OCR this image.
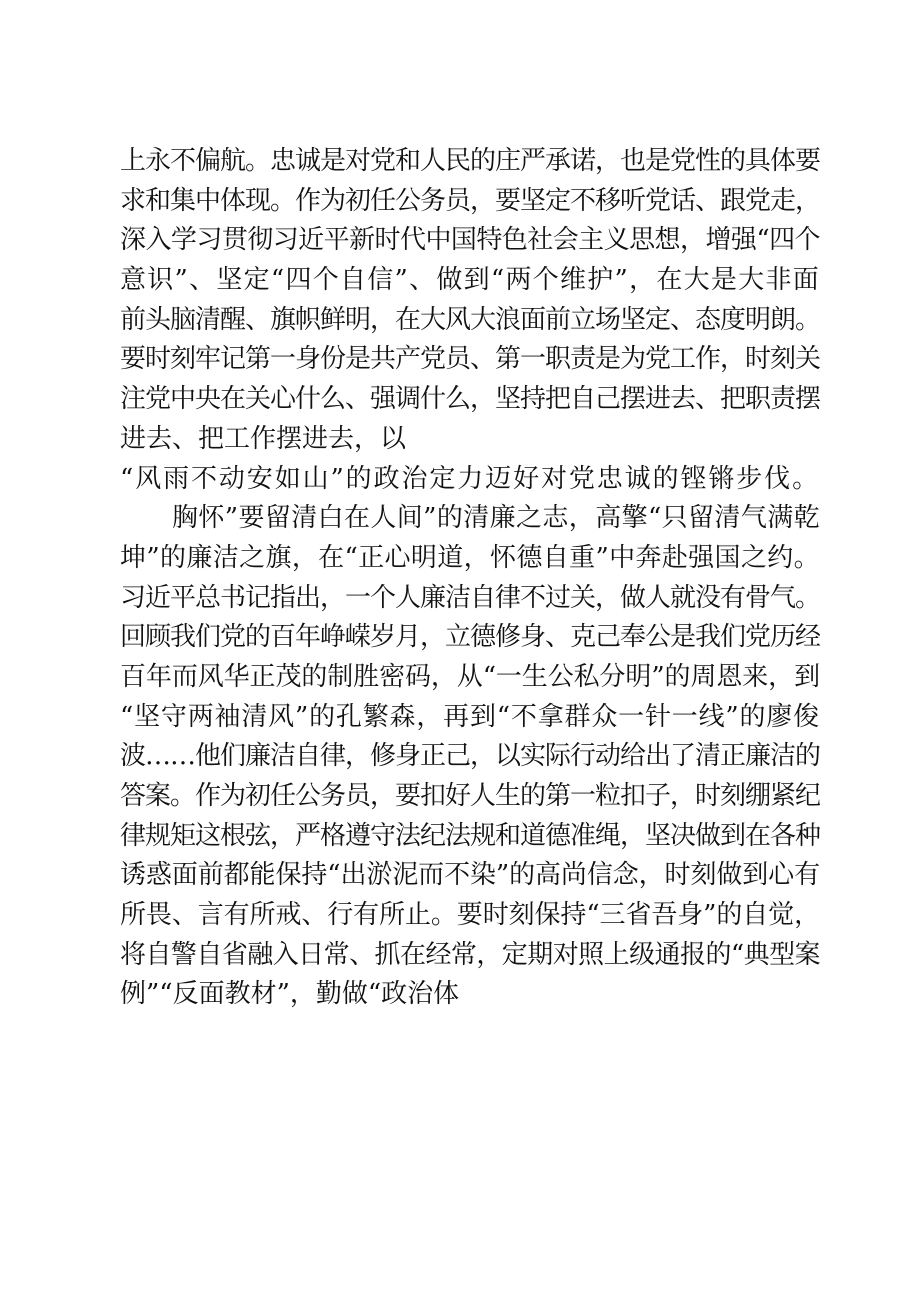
上永不偏航。忠诚是对党和人民的庄严承诺，也是党性的具体要
求和集中体现。作为初任公务员，要坚定不移听党话、跟党走，
深入学习贯彻习近平新时代中国特色社会主义思想，增强“四个
意识”、坚定“四个自信”、做到“两个维护”，在大是大非面
前头脑清醒、旗帜鲜明，在大风大浪面前立场坚定、态度明朗。
要时刻牢记第一身份是共产党员、第一职责是为党工作，时刻关
注党中央在关心什么、强调什么，坚持把自己摆进去、把职责摆
进去、把工作摆进去，以
“风雨不动安如山”的政治定力迈好对党忠诚的铿锵步伐。
胸怀”要留清白在人间”的清廉之志，高擎“只留清气满乾
坤”的廉洁之旗，在“正心明道，怀德自重”中奔赴强国之约。
习近平总书记指出，一个人廉洁自律不过关，做人就没有骨气。
回顾我们党的百年峥嵘岁月，立德修身、克己奉公是我们党历经
百年而风华正茂的制胜密码，从“一生公私分明”的周恩来，到
“坚守两袖清风”的孔繁森，再到“不拿群众一针一线”的廖俊
波……他们廉洁自律，修身正己，以实际行动给出了清正廉洁的
答案。作为初任公务员，要扣好人生的第一粒扣子，时刻绷紧纪
律规矩这根弦，严格遵守法纪法规和道德准绳，坚决做到在各种
诱惑面前都能保持“出淤泥而不染”的高尚信念，时刻做到心有
所畏、言有所戒、行有所止。要时刻保持“三省吾身”的自觉，
将自警自省融入日常、抓在经常，定期对照上级通报的“典型案
例”“反面教材”，勤做“政治体
